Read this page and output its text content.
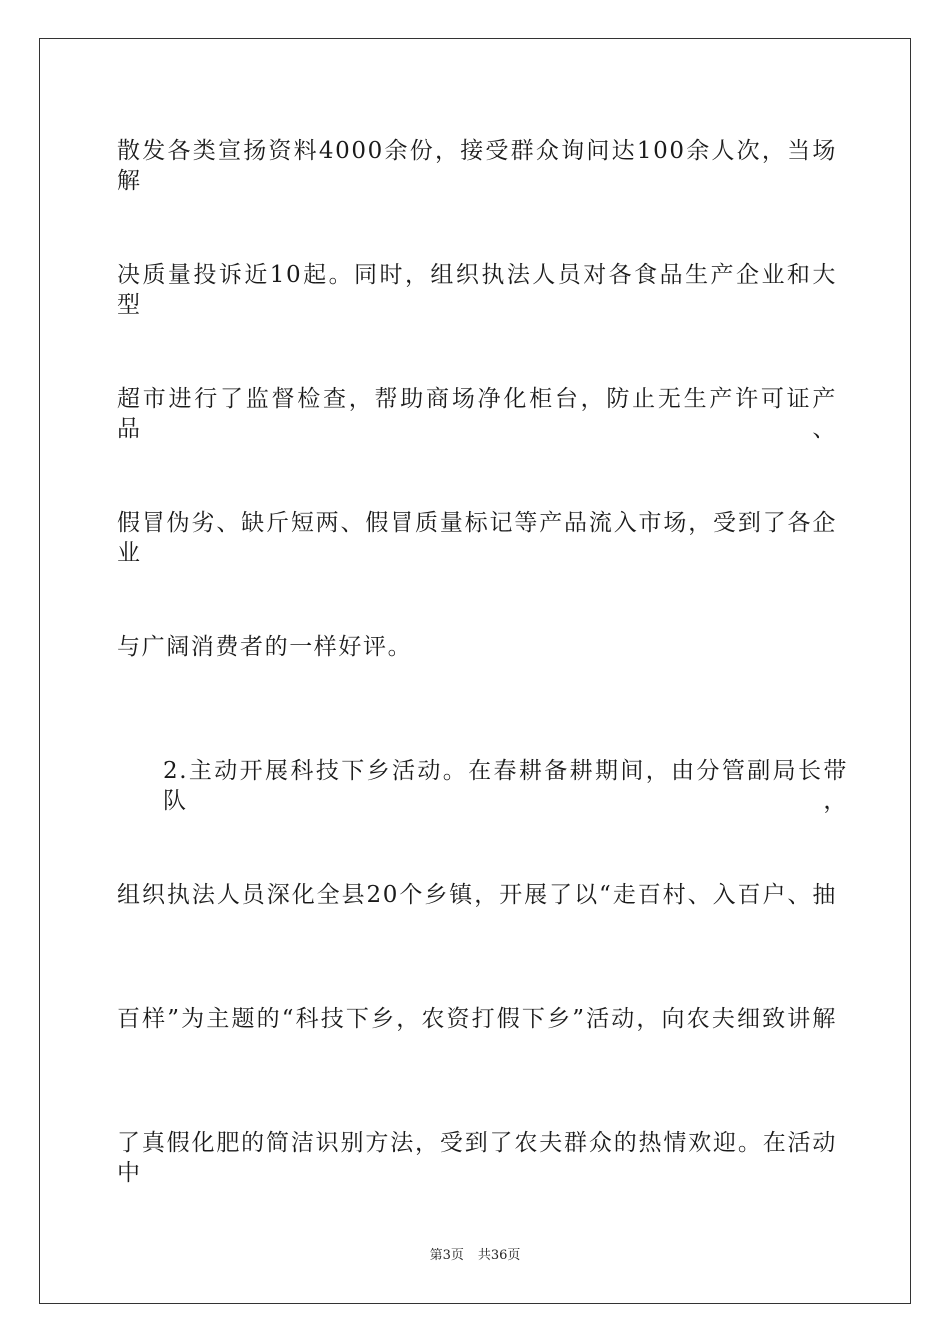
散发各类宣扬资料4000余份，接受群众询问达100余人次，当场解
决质量投诉近10起。同时，组织执法人员对各食品生产企业和大型
超市进行了监督检查，帮助商场净化柜台，防止无生产许可证产品、
假冒伪劣、缺斤短两、假冒质量标记等产品流入市场，受到了各企业
与广阔消费者的一样好评。
2.主动开展科技下乡活动。在春耕备耕期间，由分管副局长带队，
组织执法人员深化全县20个乡镇，开展了以“走百村、入百户、抽
百样”为主题的“科技下乡，农资打假下乡”活动，向农夫细致讲解
了真假化肥的简洁识别方法，受到了农夫群众的热情欢迎。在活动中
第3页 共36页
